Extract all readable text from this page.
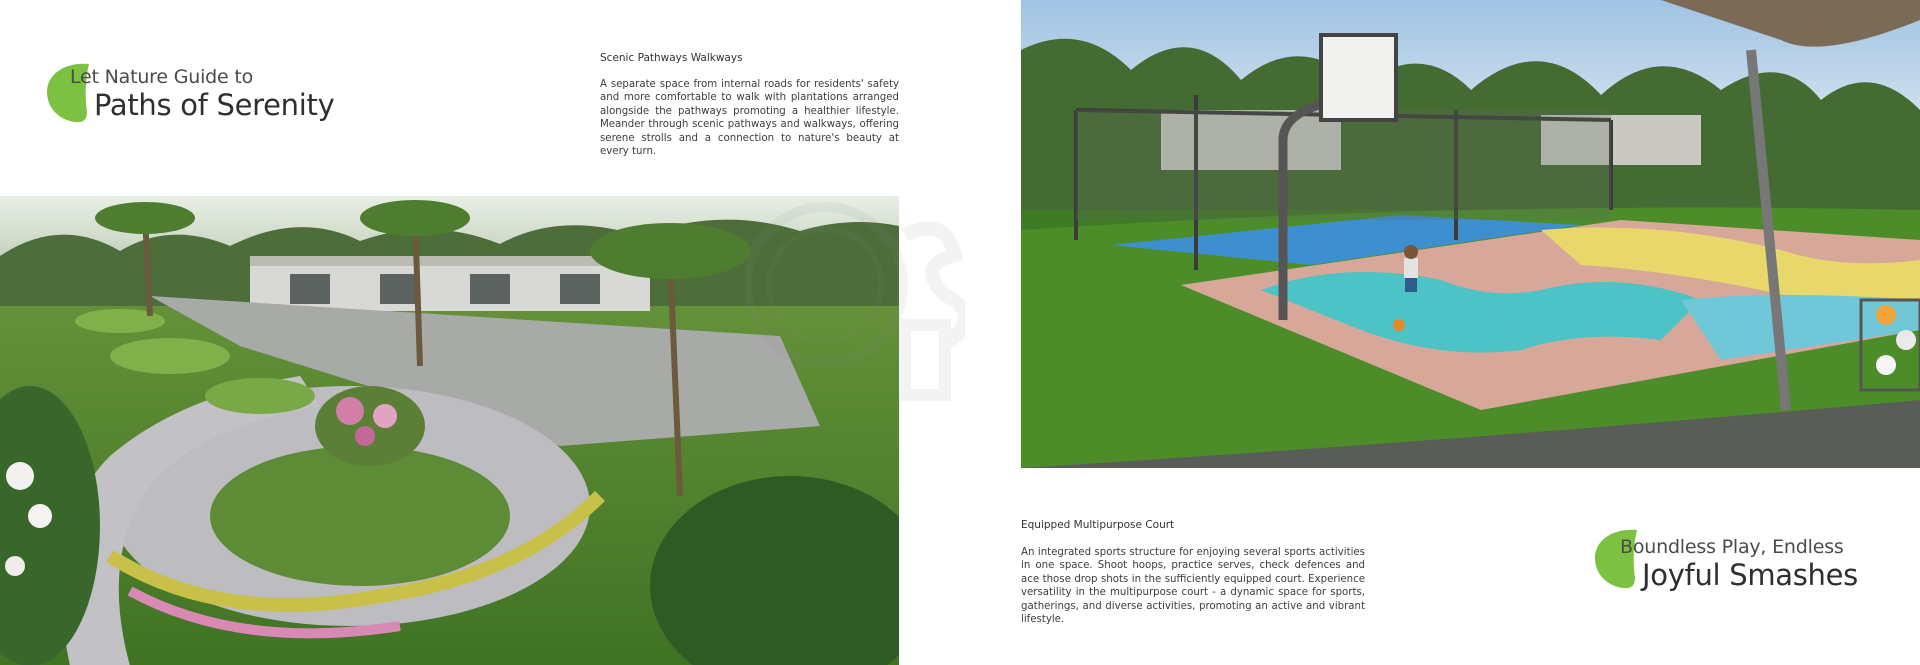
Let Nature Guide to
Paths of Serenity
Scenic Pathways Walkways
A separate space from internal roads for residents' safety and more comfortable to walk with plantations arranged alongside the pathways promoting a healthier lifestyle. Meander through scenic pathways and walkways, offering serene strolls and a connection to nature's beauty at every turn.
Equipped Multipurpose Court
An integrated sports structure for enjoying several sports activities in one space. Shoot hoops, practice serves, check defences and ace those drop shots in the sufficiently equipped court. Experience versatility in the multipurpose court - a dynamic space for sports, gatherings, and diverse activities, promoting an active and vibrant lifestyle.
Boundless Play, Endless
Joyful Smashes
